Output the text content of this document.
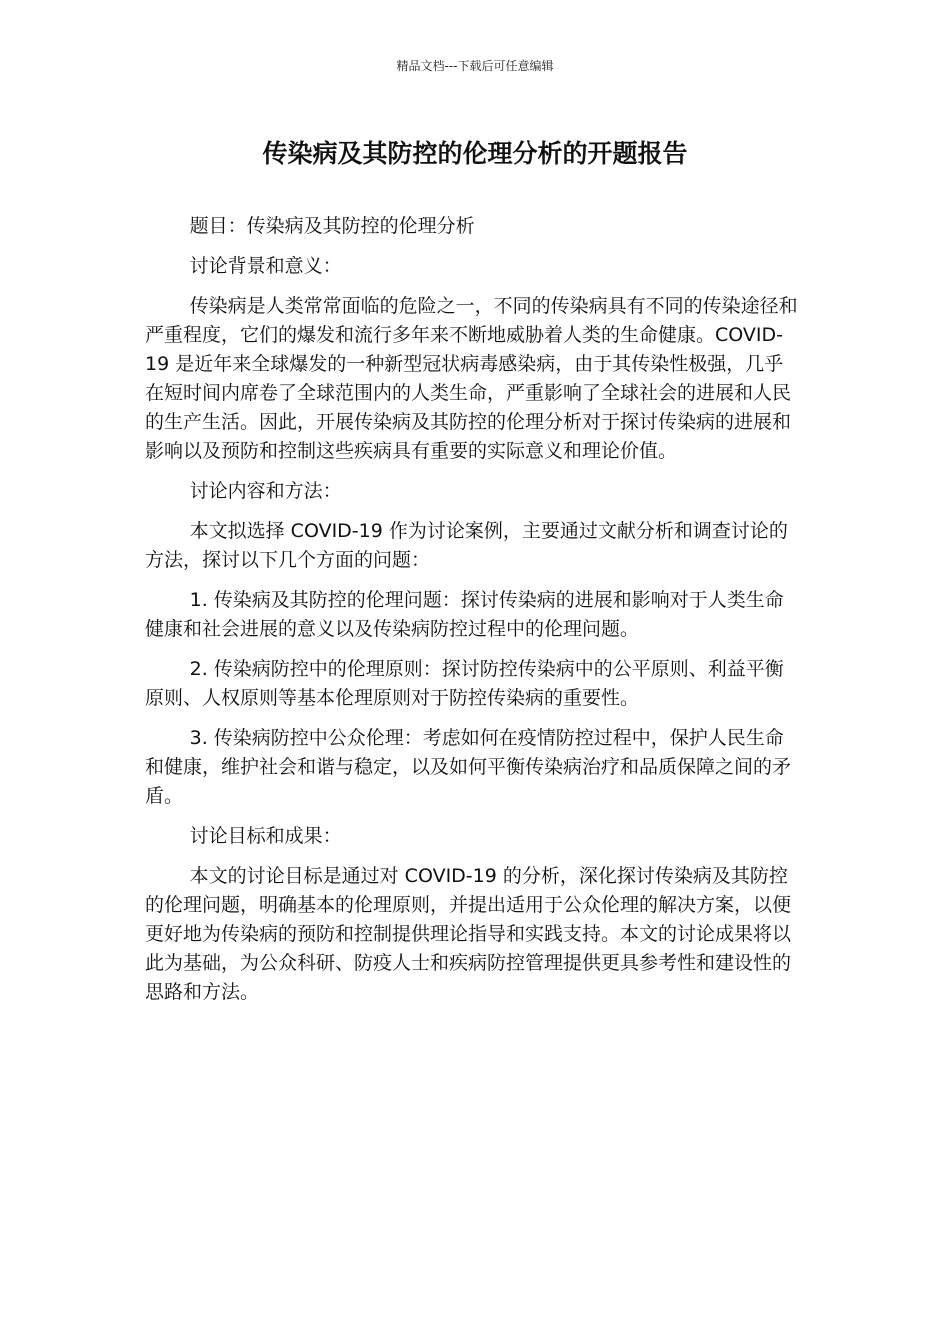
精品文档---下载后可任意编辑
传染病及其防控的伦理分析的开题报告

题目：传染病及其防控的伦理分析

讨论背景和意义：

传染病是人类常常面临的危险之一，不同的传染病具有不同的传染途径和严重程度，它们的爆发和流行多年来不断地威胁着人类的生命健康。COVID-19 是近年来全球爆发的一种新型冠状病毒感染病，由于其传染性极强，几乎在短时间内席卷了全球范围内的人类生命，严重影响了全球社会的进展和人民的生产生活。因此，开展传染病及其防控的伦理分析对于探讨传染病的进展和影响以及预防和控制这些疾病具有重要的实际意义和理论价值。

讨论内容和方法：

本文拟选择 COVID-19 作为讨论案例，主要通过文献分析和调查讨论的方法，探讨以下几个方面的问题：

1. 传染病及其防控的伦理问题：探讨传染病的进展和影响对于人类生命健康和社会进展的意义以及传染病防控过程中的伦理问题。

2. 传染病防控中的伦理原则：探讨防控传染病中的公平原则、利益平衡原则、人权原则等基本伦理原则对于防控传染病的重要性。

3. 传染病防控中公众伦理：考虑如何在疫情防控过程中，保护人民生命和健康，维护社会和谐与稳定，以及如何平衡传染病治疗和品质保障之间的矛盾。

讨论目标和成果：

本文的讨论目标是通过对 COVID-19 的分析，深化探讨传染病及其防控的伦理问题，明确基本的伦理原则，并提出适用于公众伦理的解决方案，以便更好地为传染病的预防和控制提供理论指导和实践支持。本文的讨论成果将以此为基础，为公众科研、防疫人士和疾病防控管理提供更具参考性和建设性的思路和方法。
